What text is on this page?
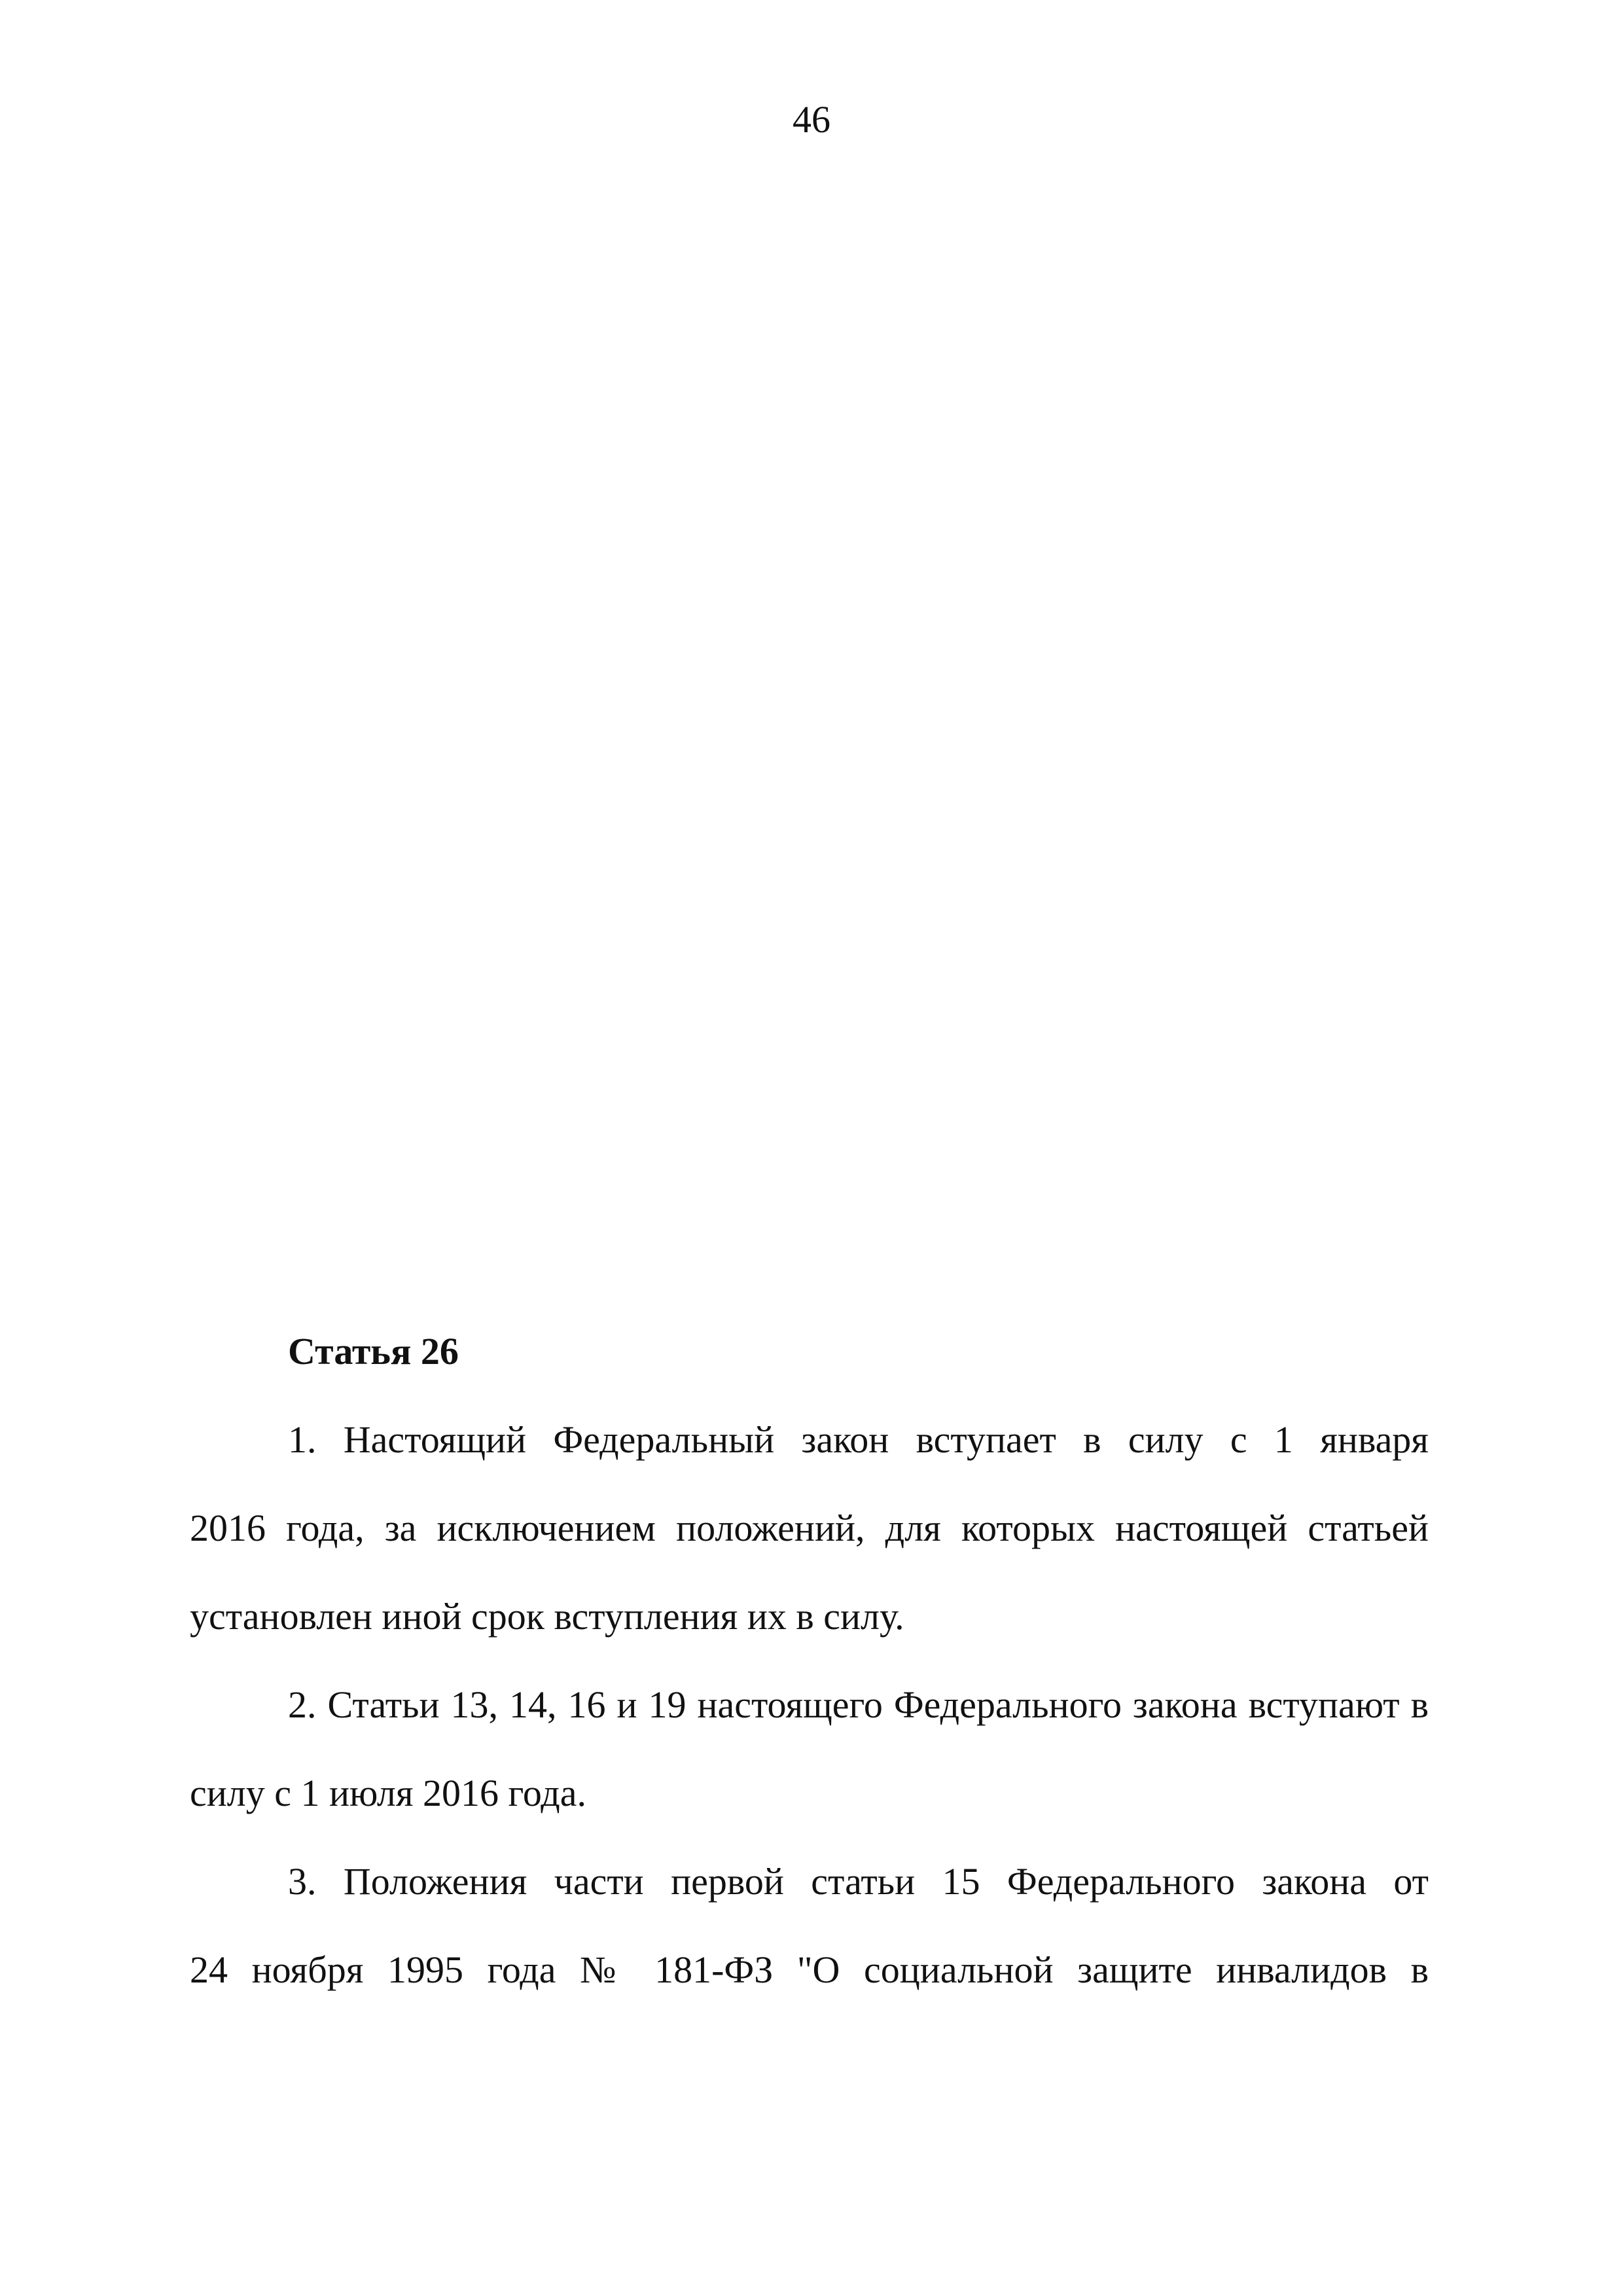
46
Статья 26
1. Настоящий Федеральный закон вступает в силу с 1 января
2016 года, за исключением положений, для которых настоящей статьей
установлен иной срок вступления их в силу.
2. Статьи 13, 14, 16 и 19 настоящего Федерального закона вступают в
силу с 1 июля 2016 года.
3. Положения части первой статьи 15 Федерального закона от
24 ноября 1995 года № 181-ФЗ "О социальной защите инвалидов в
